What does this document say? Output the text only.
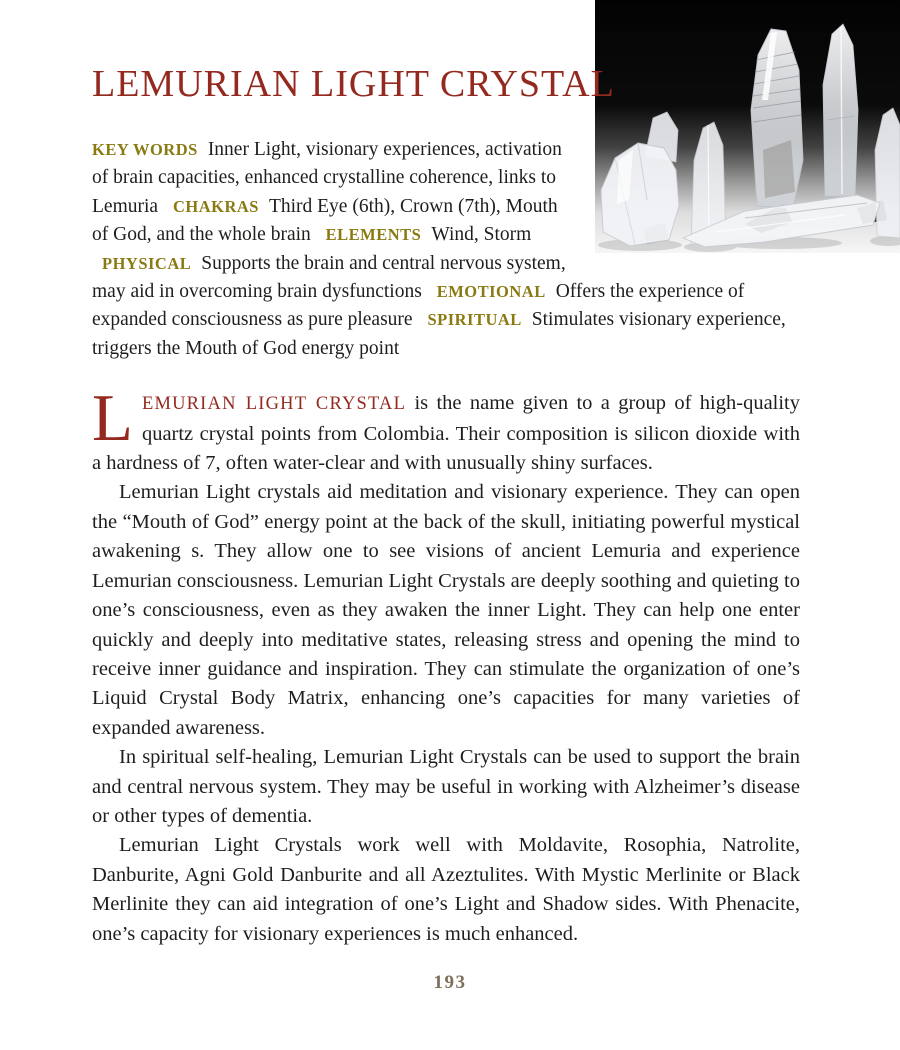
LEMURIAN LIGHT CRYSTAL
KEY WORDS Inner Light, visionary experiences, activation of brain capacities, enhanced crystalline coherence, links to Lemuria CHAKRAS Third Eye (6th), Crown (7th), Mouth of God, and the whole brain ELEMENTS Wind, Storm PHYSICAL Supports the brain and central nervous system, may aid in overcoming brain dysfunctions EMOTIONAL Offers the experience of expanded consciousness as pure pleasure SPIRITUAL Stimulates visionary experience, triggers the Mouth of God energy point

LEMURIAN LIGHT CRYSTAL is the name given to a group of high-quality quartz crystal points from Colombia. Their composition is silicon dioxide with a hardness of 7, often water-clear and with unusually shiny surfaces.

Lemurian Light crystals aid meditation and visionary experience. They can open the “Mouth of God” energy point at the back of the skull, initiating powerful mystical awakening s. They allow one to see visions of ancient Lemuria and experience Lemurian consciousness. Lemurian Light Crystals are deeply soothing and quieting to one’s consciousness, even as they awaken the inner Light. They can help one enter quickly and deeply into meditative states, releasing stress and opening the mind to receive inner guidance and inspiration. They can stimulate the organization of one’s Liquid Crystal Body Matrix, enhancing one’s capacities for many varieties of expanded awareness.

In spiritual self-healing, Lemurian Light Crystals can be used to support the brain and central nervous system. They may be useful in working with Alzheimer’s disease or other types of dementia.

Lemurian Light Crystals work well with Moldavite, Rosophia, Natrolite, Danburite, Agni Gold Danburite and all Azeztulites. With Mystic Merlinite or Black Merlinite they can aid integration of one’s Light and Shadow sides. With Phenacite, one’s capacity for visionary experiences is much enhanced.

193
